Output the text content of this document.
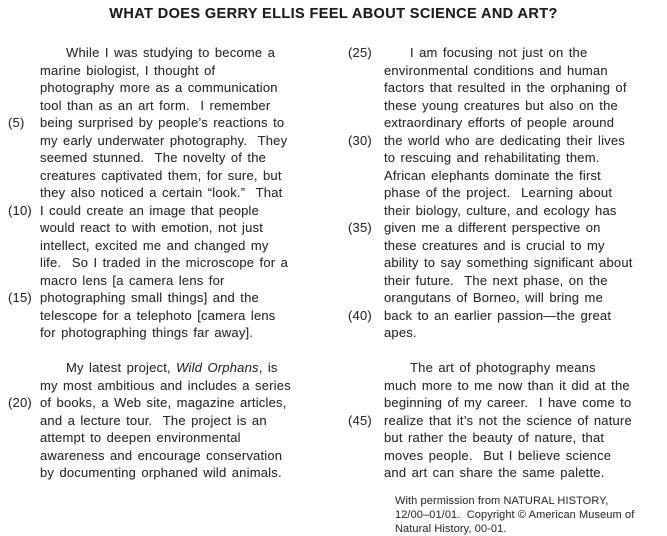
WHAT DOES GERRY ELLIS FEEL ABOUT SCIENCE AND ART?
While I was studying to become a
marine biologist, I thought of
photography more as a communication
tool than as an art form.  I remember
(5)	being surprised by people’s reactions to
my early underwater photography.  They
seemed stunned.  The novelty of the
creatures captivated them, for sure, but
they also noticed a certain “look.”  That
(10) I could create an image that people
would react to with emotion, not just
intellect, excited me and changed my
life.  So I traded in the microscope for a
macro lens [a camera lens for
(15) photographing small things] and the
telescope for a telephoto [camera lens
for photographing things far away].
My latest project, Wild Orphans, is
my most ambitious and includes a series
(20) of books, a Web site, magazine articles,
and a lecture tour.  The project is an
attempt to deepen environmental
awareness and encourage conservation
by documenting orphaned wild animals.
(25)	I am focusing not just on the
environmental conditions and human
factors that resulted in the orphaning of
these young creatures but also on the
extraordinary efforts of people around
(30) the world who are dedicating their lives
to rescuing and rehabilitating them.
African elephants dominate the first
phase of the project.  Learning about
their biology, culture, and ecology has
(35) given me a different perspective on
these creatures and is crucial to my
ability to say something significant about
their future.  The next phase, on the
orangutans of Borneo, will bring me
(40) back to an earlier passion—the great
apes.
The art of photography means
much more to me now than it did at the
beginning of my career.  I have come to
(45) realize that it’s not the science of nature
but rather the beauty of nature, that
moves people.  But I believe science
and art can share the same palette.
With permission from NATURAL HISTORY,
12/00–01/01.  Copyright © American Museum of
Natural History, 00-01.
